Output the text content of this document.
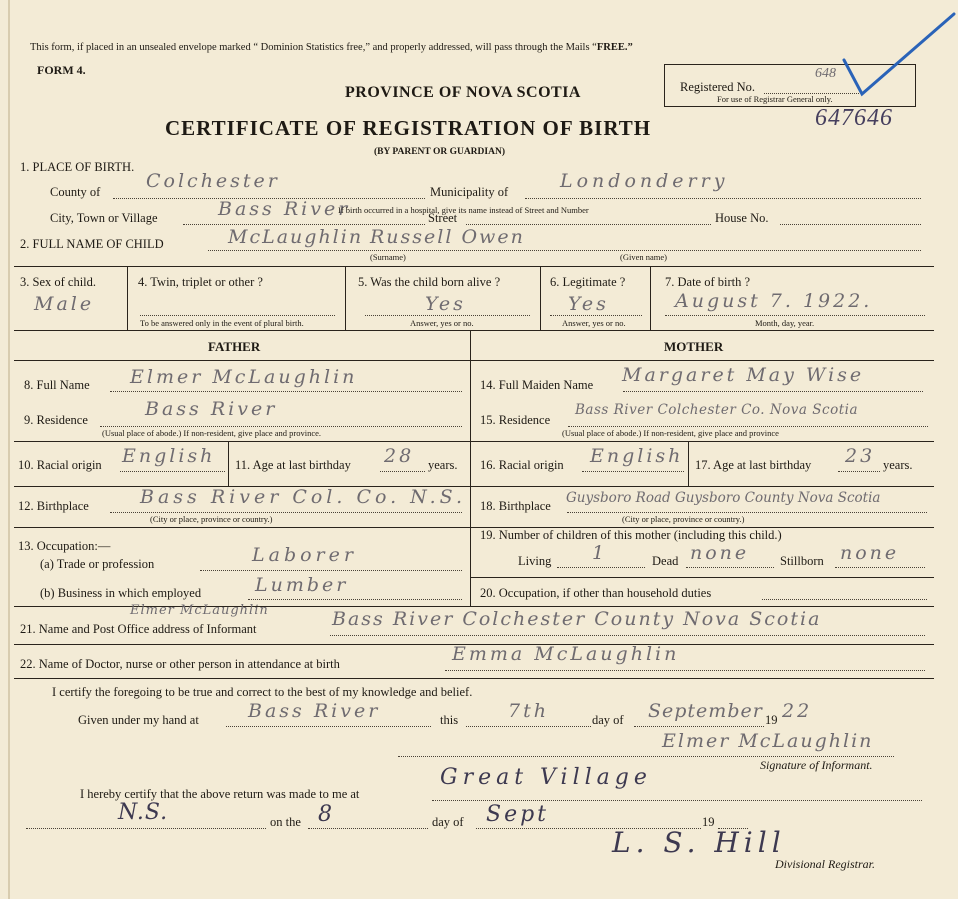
This form, if placed in an unsealed envelope marked “ Dominion Statistics free,” and properly addressed, will pass through the Mails “FREE.”
FORM 4.
PROVINCE OF NOVA SCOTIA
CERTIFICATE OF REGISTRATION OF BIRTH
(BY PARENT OR GUARDIAN)
Registered No.
648
For use of Registrar General only.
647646
1. PLACE OF BIRTH.
County of Colchester	Municipality of	Londonderry
City, Town or Village	Bass River
If birth occurred in a hospital, give its name instead of Street and Number
Street	House No.
2. FULL NAME OF CHILD	McLaughlin Russell Owen
(Surname)	(Given name)
3. Sex of child.
Male
4. Twin, triplet or other ?
To be answered only in the event of plural birth.
5. Was the child born alive ?
Yes
Answer, yes or no.
6. Legitimate ?
Yes
Answer, yes or no.
7. Date of birth ?
August 7. 1922.
Month, day, year.
FATHER	MOTHER
8. Full Name Elmer McLaughlin
9. Residence	Bass River
(Usual place of abode.) If non-resident, give place and province.
10. Racial origin English 11. Age at last birthday 28 years.
12. Birthplace	Bass River Col. Co. N.S.
(City or place, province or country.)
13. Occupation:—
(a) Trade or profession	Laborer
(b) Business in which employed	Lumber
14. Full Maiden Name Margaret May Wise
15. Residence
Bass River Colchester Co. Nova Scotia
(Usual place of abode.) If non-resident, give place and province
16. Racial origin English 17. Age at last birthday 23 years.
18. Birthplace Guysboro Road Guysboro County Nova Scotia
(City or place, province or country.)
19. Number of children of this mother (including this child.)
Living 1	Dead none Stillborn none
20. Occupation, if other than household duties
21. Name and Post Office address of Informant
Elmer McLaughlin	Bass River Colchester County Nova Scotia
22. Name of Doctor, nurse or other person in attendance at birth	Emma McLaughlin
I certify the foregoing to be true and correct to the best of my knowledge and belief.
Given under my hand at	Bass River	this	7th	day of September 19 22
Elmer McLaughlin
Signature of Informant.
I hereby certify that the above return was made to me at
Great Village
N.S.	on the 8	day of Sept	19
L. S. Hill
Divisional Registrar.
